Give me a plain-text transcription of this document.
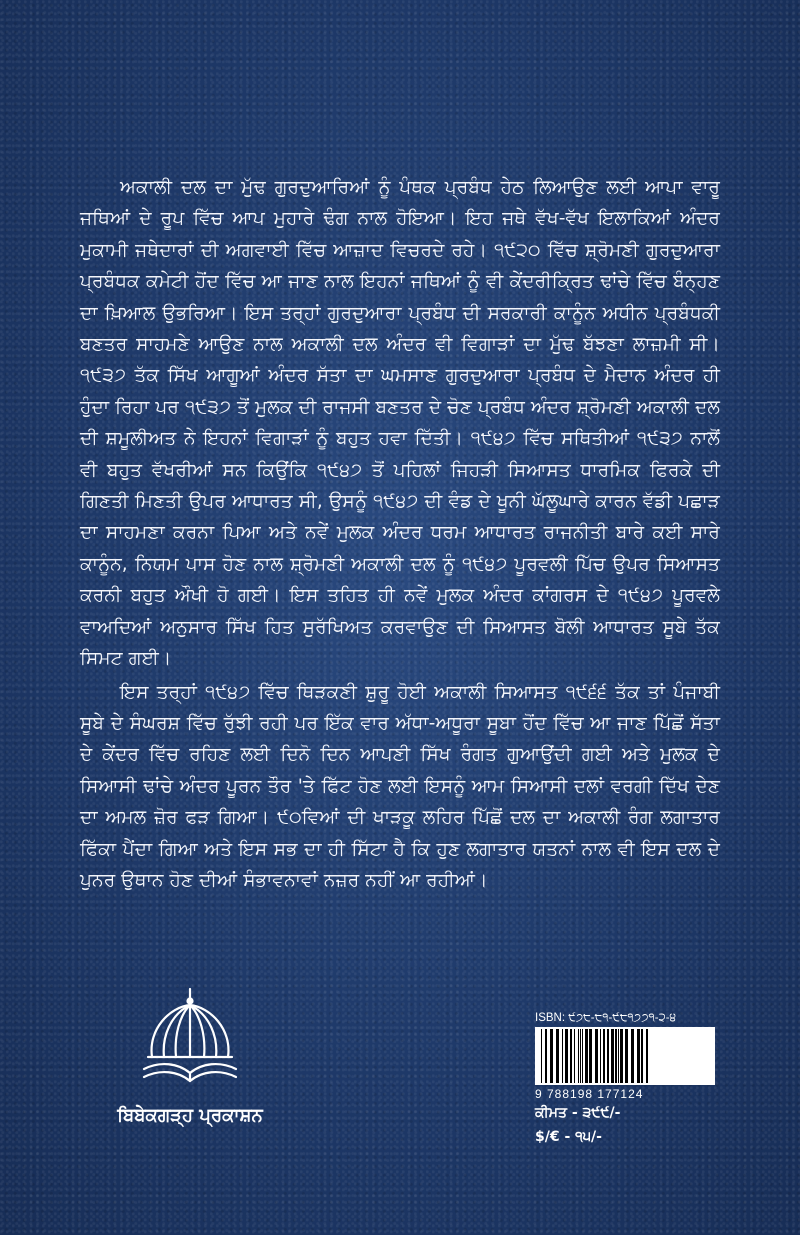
ਅਕਾਲੀ ਦਲ ਦਾ ਮੁੱਢ ਗੁਰਦੁਆਰਿਆਂ ਨੂੰ ਪੰਥਕ ਪ੍ਰਬੰਧ ਹੇਠ ਲਿਆਉਣ ਲਈ ਆਪਾ ਵਾਰੂ ਜਥਿਆਂ ਦੇ ਰੂਪ ਵਿੱਚ ਆਪ ਮੁਹਾਰੇ ਢੰਗ ਨਾਲ ਹੋਇਆ। ਇਹ ਜਥੇ ਵੱਖ-ਵੱਖ ਇਲਾਕਿਆਂ ਅੰਦਰ ਮੁਕਾਮੀ ਜਥੇਦਾਰਾਂ ਦੀ ਅਗਵਾਈ ਵਿੱਚ ਆਜ਼ਾਦ ਵਿਚਰਦੇ ਰਹੇ। ੧੯੨੦ ਵਿੱਚ ਸ਼੍ਰੋਮਣੀ ਗੁਰਦੁਆਰਾ ਪ੍ਰਬੰਧਕ ਕਮੇਟੀ ਹੋਂਦ ਵਿੱਚ ਆ ਜਾਣ ਨਾਲ ਇਹਨਾਂ ਜਥਿਆਂ ਨੂੰ ਵੀ ਕੇਂਦਰੀਕ੍ਰਿਤ ਢਾਂਚੇ ਵਿੱਚ ਬੰਨ੍ਹਣ ਦਾ ਖ਼ਿਆਲ ਉਭਰਿਆ। ਇਸ ਤਰ੍ਹਾਂ ਗੁਰਦੁਆਰਾ ਪ੍ਰਬੰਧ ਦੀ ਸਰਕਾਰੀ ਕਾਨੂੰਨ ਅਧੀਨ ਪ੍ਰਬੰਧਕੀ ਬਣਤਰ ਸਾਹਮਣੇ ਆਉਣ ਨਾਲ ਅਕਾਲੀ ਦਲ ਅੰਦਰ ਵੀ ਵਿਗਾੜਾਂ ਦਾ ਮੁੱਢ ਬੱਝਣਾ ਲਾਜ਼ਮੀ ਸੀ। ੧੯੩੭ ਤੱਕ ਸਿੱਖ ਆਗੂਆਂ ਅੰਦਰ ਸੱਤਾ ਦਾ ਘਮਸਾਣ ਗੁਰਦੁਆਰਾ ਪ੍ਰਬੰਧ ਦੇ ਮੈਦਾਨ ਅੰਦਰ ਹੀ ਹੁੰਦਾ ਰਿਹਾ ਪਰ ੧੯੩੭ ਤੋਂ ਮੁਲਕ ਦੀ ਰਾਜਸੀ ਬਣਤਰ ਦੇ ਚੋਣ ਪ੍ਰਬੰਧ ਅੰਦਰ ਸ਼੍ਰੋਮਣੀ ਅਕਾਲੀ ਦਲ ਦੀ ਸ਼ਮੂਲੀਅਤ ਨੇ ਇਹਨਾਂ ਵਿਗਾੜਾਂ ਨੂੰ ਬਹੁਤ ਹਵਾ ਦਿੱਤੀ। ੧੯੪੭ ਵਿੱਚ ਸਥਿਤੀਆਂ ੧੯੩੭ ਨਾਲੋਂ ਵੀ ਬਹੁਤ ਵੱਖਰੀਆਂ ਸਨ ਕਿਉਂਕਿ ੧੯੪੭ ਤੋਂ ਪਹਿਲਾਂ ਜਿਹੜੀ ਸਿਆਸਤ ਧਾਰਮਿਕ ਫਿਰਕੇ ਦੀ ਗਿਣਤੀ ਮਿਣਤੀ ਉਪਰ ਆਧਾਰਤ ਸੀ, ਉਸਨੂੰ ੧੯੪੭ ਦੀ ਵੰਡ ਦੇ ਖੂਨੀ ਘੱਲੂਘਾਰੇ ਕਾਰਨ ਵੱਡੀ ਪਛਾੜ ਦਾ ਸਾਹਮਣਾ ਕਰਨਾ ਪਿਆ ਅਤੇ ਨਵੇਂ ਮੁਲਕ ਅੰਦਰ ਧਰਮ ਆਧਾਰਤ ਰਾਜਨੀਤੀ ਬਾਰੇ ਕਈ ਸਾਰੇ ਕਾਨੂੰਨ, ਨਿਯਮ ਪਾਸ ਹੋਣ ਨਾਲ ਸ਼੍ਰੋਮਣੀ ਅਕਾਲੀ ਦਲ ਨੂੰ ੧੯੪੭ ਪੂਰਵਲੀ ਪਿੱਚ ਉਪਰ ਸਿਆਸਤ ਕਰਨੀ ਬਹੁਤ ਔਖੀ ਹੋ ਗਈ। ਇਸ ਤਹਿਤ ਹੀ ਨਵੇਂ ਮੁਲਕ ਅੰਦਰ ਕਾਂਗਰਸ ਦੇ ੧੯੪੭ ਪੂਰਵਲੇ ਵਾਅਦਿਆਂ ਅਨੁਸਾਰ ਸਿੱਖ ਹਿਤ ਸੁਰੱਖਿਅਤ ਕਰਵਾਉਣ ਦੀ ਸਿਆਸਤ ਬੋਲੀ ਆਧਾਰਤ ਸੂਬੇ ਤੱਕ ਸਿਮਟ ਗਈ।

ਇਸ ਤਰ੍ਹਾਂ ੧੯੪੭ ਵਿੱਚ ਥਿੜਕਣੀ ਸ਼ੁਰੂ ਹੋਈ ਅਕਾਲੀ ਸਿਆਸਤ ੧੯੬੬ ਤੱਕ ਤਾਂ ਪੰਜਾਬੀ ਸੂਬੇ ਦੇ ਸੰਘਰਸ਼ ਵਿੱਚ ਰੁੱਝੀ ਰਹੀ ਪਰ ਇੱਕ ਵਾਰ ਅੱਧਾ-ਅਧੂਰਾ ਸੂਬਾ ਹੋਂਦ ਵਿੱਚ ਆ ਜਾਣ ਪਿੱਛੋਂ ਸੱਤਾ ਦੇ ਕੇਂਦਰ ਵਿੱਚ ਰਹਿਣ ਲਈ ਦਿਨੋ ਦਿਨ ਆਪਣੀ ਸਿੱਖ ਰੰਗਤ ਗੁਆਉਂਦੀ ਗਈ ਅਤੇ ਮੁਲਕ ਦੇ ਸਿਆਸੀ ਢਾਂਚੇ ਅੰਦਰ ਪੂਰਨ ਤੌਰ 'ਤੇ ਫਿੱਟ ਹੋਣ ਲਈ ਇਸਨੂੰ ਆਮ ਸਿਆਸੀ ਦਲਾਂ ਵਰਗੀ ਦਿੱਖ ਦੇਣ ਦਾ ਅਮਲ ਜ਼ੋਰ ਫੜ ਗਿਆ। ੯੦ਵਿਆਂ ਦੀ ਖਾੜਕੂ ਲਹਿਰ ਪਿੱਛੋਂ ਦਲ ਦਾ ਅਕਾਲੀ ਰੰਗ ਲਗਾਤਾਰ ਫਿੱਕਾ ਪੈਂਦਾ ਗਿਆ ਅਤੇ ਇਸ ਸਭ ਦਾ ਹੀ ਸਿੱਟਾ ਹੈ ਕਿ ਹੁਣ ਲਗਾਤਾਰ ਯਤਨਾਂ ਨਾਲ ਵੀ ਇਸ ਦਲ ਦੇ ਪੁਨਰ ਉਥਾਨ ਹੋਣ ਦੀਆਂ ਸੰਭਾਵਨਾਵਾਂ ਨਜ਼ਰ ਨਹੀਂ ਆ ਰਹੀਆਂ।

ਬਿਬੇਕਗੜ੍ਹ ਪ੍ਰਕਾਸ਼ਨ
ISBN: ੯੭੮-੮੧-੯੮੧੭੭੧-੨-੪
9 788198 177124
ਕੀਮਤ - ੩੯੯/-
$/€ - ੧੫/-
